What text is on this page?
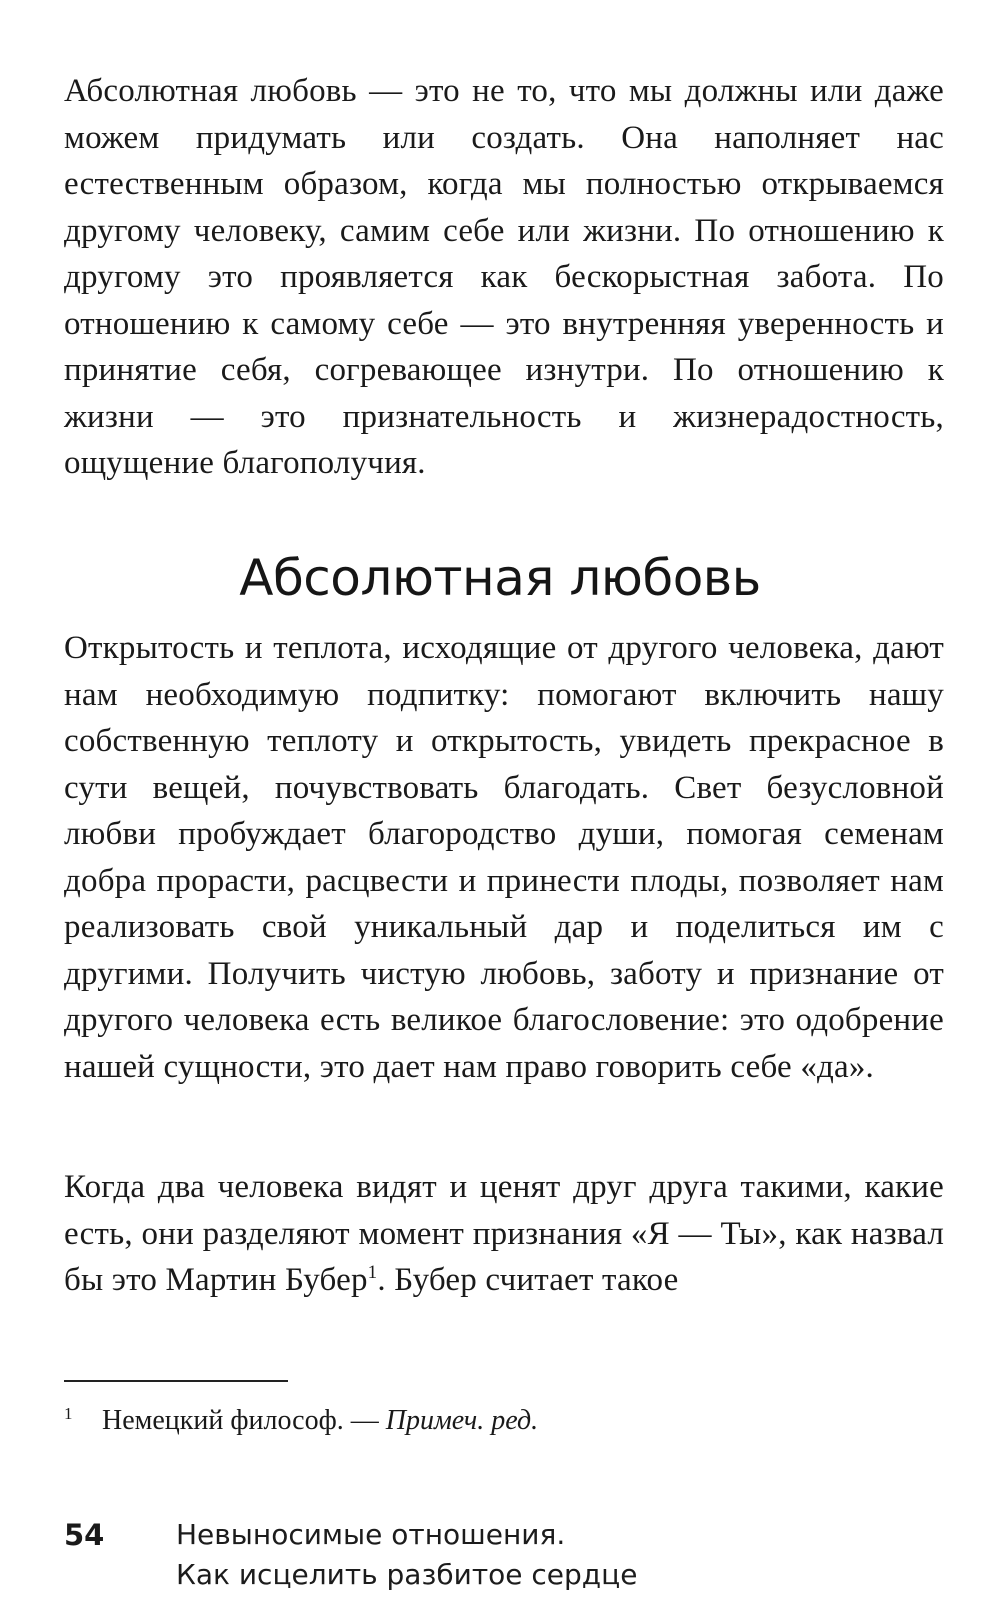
Абсолютная любовь — это не то, что мы должны или даже можем придумать или создать. Она наполняет нас естественным образом, когда мы полностью открываемся другому человеку, самим себе или жизни. По отношению к другому это проявляется как бескорыстная забота. По отношению к самому себе — это внутренняя уверенность и принятие себя, согревающее изнутри. По отношению к жизни — это признательность и жизнерадостность, ощущение благополучия.

Абсолютная любовь

Открытость и теплота, исходящие от другого человека, дают нам необходимую подпитку: помогают включить нашу собственную теплоту и открытость, увидеть прекрасное в сути вещей, почувствовать благодать. Свет безусловной любви пробуждает благородство души, помогая семенам добра прорасти, расцвести и принести плоды, позволяет нам реализовать свой уникальный дар и поделиться им с другими. Получить чистую любовь, заботу и признание от другого человека есть великое благословение: это одобрение нашей сущности, это дает нам право говорить себе «да».

Когда два человека видят и ценят друг друга такими, какие есть, они разделяют момент признания «Я — Ты», как назвал бы это Мартин Бубер$^1$. Бубер считает такое

1 Немецкий философ. — Примеч. ред.
54	Невыносимые отношения.
Как исцелить разбитое сердце
